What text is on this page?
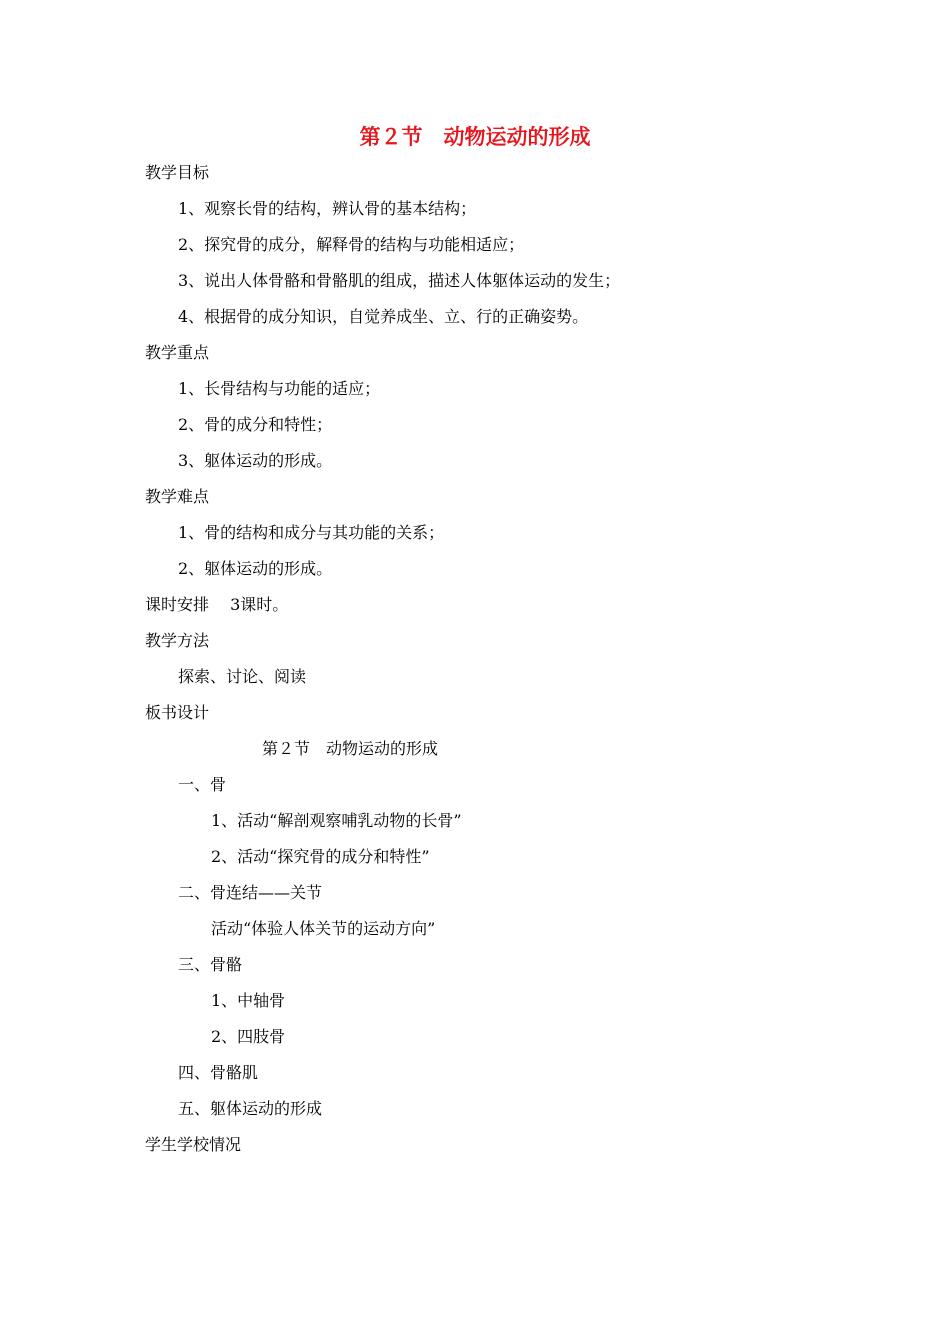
第２节　动物运动的形成
教学目标
1、观察长骨的结构，辨认骨的基本结构；
2、探究骨的成分，解释骨的结构与功能相适应；
3、说出人体骨骼和骨骼肌的组成，描述人体躯体运动的发生；
4、根据骨的成分知识，自觉养成坐、立、行的正确姿势。
教学重点
1、长骨结构与功能的适应；
2、骨的成分和特性；
3、躯体运动的形成。
教学难点
1、骨的结构和成分与其功能的关系；
2、躯体运动的形成。
课时安排　 3课时。
教学方法
探索、讨论、阅读
板书设计
第２节　动物运动的形成
一、骨
1、活动“解剖观察哺乳动物的长骨”
2、活动“探究骨的成分和特性”
二、骨连结——关节
活动“体验人体关节的运动方向”
三、骨骼
1、中轴骨
2、四肢骨
四、骨骼肌
五、躯体运动的形成
学生学校情况
